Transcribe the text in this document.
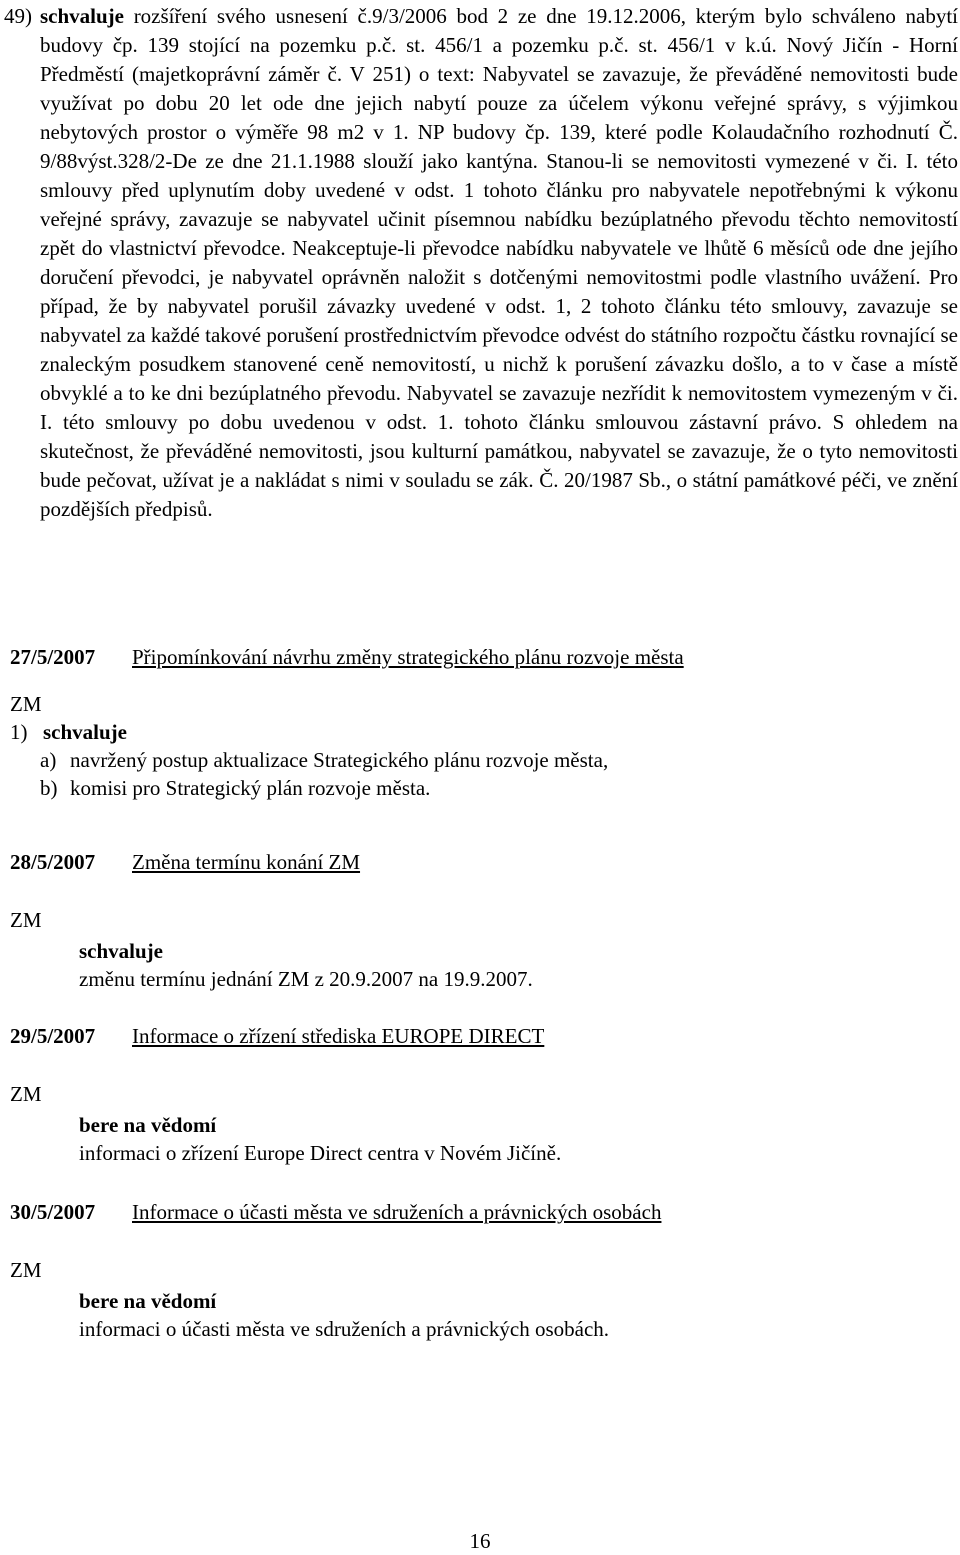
49) schvaluje rozšíření svého usnesení č.9/3/2006 bod 2 ze dne 19.12.2006, kterým bylo schváleno nabytí budovy čp. 139 stojící na pozemku p.č. st. 456/1 a pozemku p.č. st. 456/1 v k.ú. Nový Jičín - Horní Předměstí (majetkoprávní záměr č. V 251) o text: Nabyvatel se zavazuje, že převáděné nemovitosti bude využívat po dobu 20 let ode dne jejich nabytí pouze za účelem výkonu veřejné správy, s výjimkou nebytových prostor o výměře 98 m2 v 1. NP budovy čp. 139, které podle Kolaudačního rozhodnutí Č. 9/88výst.328/2-De ze dne 21.1.1988 slouží jako kantýna. Stanou-li se nemovitosti vymezené v či. I. této smlouvy před uplynutím doby uvedené v odst. 1 tohoto článku pro nabyvatele nepotřebnými k výkonu veřejné správy, zavazuje se nabyvatel učinit písemnou nabídku bezúplatného převodu těchto nemovitostí zpět do vlastnictví převodce. Neakceptuje-li převodce nabídku nabyvatele ve lhůtě 6 měsíců ode dne jejího doručení převodci, je nabyvatel oprávněn naložit s dotčenými nemovitostmi podle vlastního uvážení. Pro případ, že by nabyvatel porušil závazky uvedené v odst. 1, 2 tohoto článku této smlouvy, zavazuje se nabyvatel za každé takové porušení prostřednictvím převodce odvést do státního rozpočtu částku rovnající se znaleckým posudkem stanovené ceně nemovitostí, u nichž k porušení závazku došlo, a to v čase a místě obvyklé a to ke dni bezúplatného převodu. Nabyvatel se zavazuje nezřídit k nemovitostem vymezeným v či. I. této smlouvy po dobu uvedenou v odst. 1. tohoto článku smlouvou zástavní právo. S ohledem na skutečnost, že převáděné nemovitosti, jsou kulturní památkou, nabyvatel se zavazuje, že o tyto nemovitosti bude pečovat, užívat je a nakládat s nimi v souladu se zák. Č. 20/1987 Sb., o státní památkové péči, ve znění pozdějších předpisů.
27/5/2007 Připomínkování návrhu změny strategického plánu rozvoje města
ZM
1) schvaluje
a) navržený postup aktualizace Strategického plánu rozvoje města,
b) komisi pro Strategický plán rozvoje města.
28/5/2007 Změna termínu konání ZM
ZM
schvaluje
změnu termínu jednání ZM z 20.9.2007 na 19.9.2007.
29/5/2007 Informace o zřízení střediska EUROPE DIRECT
ZM
bere na vědomí
informaci o zřízení Europe Direct centra v Novém Jičíně.
30/5/2007 Informace o účasti města ve sdruženích a právnických osobách
ZM
bere na vědomí
informaci o účasti města ve sdruženích a právnických osobách.
16
